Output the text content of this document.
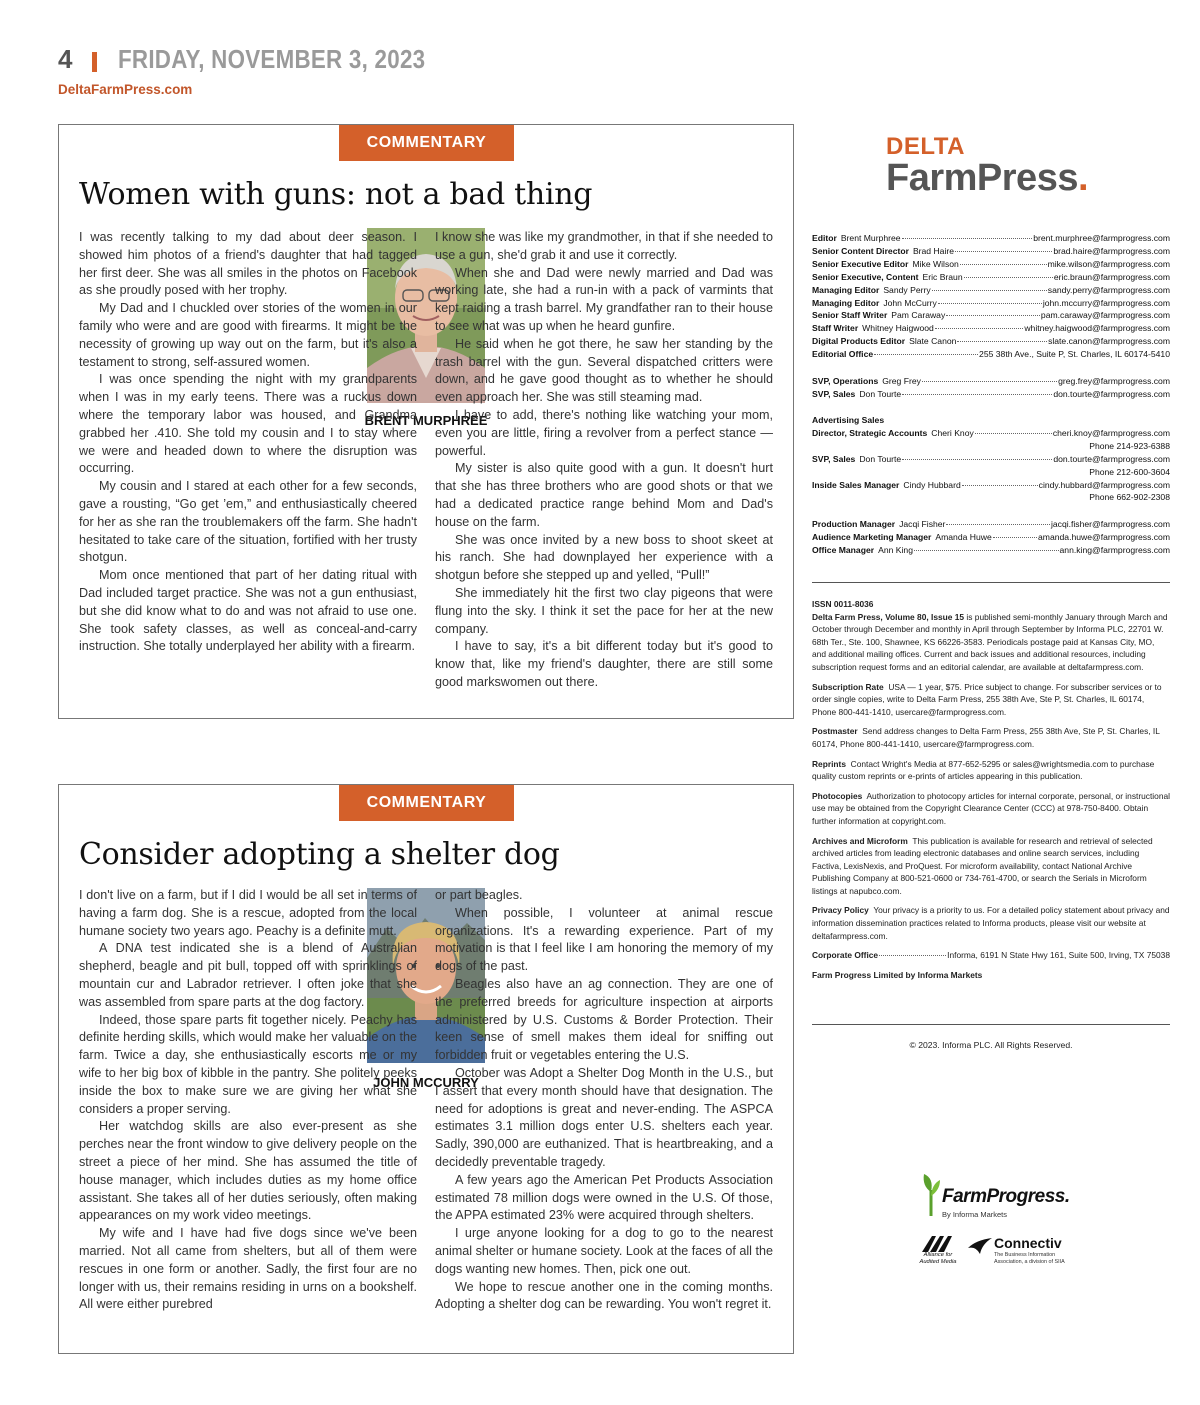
4 FRIDAY, NOVEMBER 3, 2023
DeltaFarmPress.com
COMMENTARY
Women with guns: not a bad thing
BRENT MURPHREE

I was recently talking to my dad about deer season. I showed him photos of a friend's daughter that had tagged her first deer. She was all smiles in the photos on Facebook as she proudly posed with her trophy.

My Dad and I chuckled over stories of the women in our family who were and are good with firearms. It might be the necessity of growing up way out on the farm, but it's also a testament to strong, self-assured women.

I was once spending the night with my grandparents when I was in my early teens. There was a ruckus down where the temporary labor was housed, and Grandma grabbed her .410. She told my cousin and I to stay where we were and headed down to where the disruption was occurring.

My cousin and I stared at each other for a few seconds, gave a rousting, “Go get ’em,” and enthusiastically cheered for her as she ran the troublemakers off the farm. She hadn't hesitated to take care of the situation, fortified with her trusty shotgun.

Mom once mentioned that part of her dating ritual with Dad included target practice. She was not a gun enthusiast, but she did know what to do and was not afraid to use one. She took safety classes, as well as conceal-and-carry instruction. She totally underplayed her ability with a firearm.

I know she was like my grandmother, in that if she needed to use a gun, she'd grab it and use it correctly.

When she and Dad were newly married and Dad was working late, she had a run-in with a pack of varmints that kept raiding a trash barrel. My grandfather ran to their house to see what was up when he heard gunfire.

He said when he got there, he saw her standing by the trash barrel with the gun. Several dispatched critters were down, and he gave good thought as to whether he should even approach her. She was still steaming mad.

I have to add, there's nothing like watching your mom, even you are little, firing a revolver from a perfect stance — powerful.

My sister is also quite good with a gun. It doesn't hurt that she has three brothers who are good shots or that we had a dedicated practice range behind Mom and Dad's house on the farm.

She was once invited by a new boss to shoot skeet at his ranch. She had downplayed her experience with a shotgun before she stepped up and yelled, “Pull!”

She immediately hit the first two clay pigeons that were flung into the sky. I think it set the pace for her at the new company.

I have to say, it's a bit different today but it's good to know that, like my friend's daughter, there are still some good markswomen out there.

COMMENTARY
Consider adopting a shelter dog
JOHN MCCURRY

I don't live on a farm, but if I did I would be all set in terms of having a farm dog. She is a rescue, adopted from the local humane society two years ago. Peachy is a definite mutt.

A DNA test indicated she is a blend of Australian shepherd, beagle and pit bull, topped off with sprinklings of mountain cur and Labrador retriever. I often joke that she was assembled from spare parts at the dog factory.

Indeed, those spare parts fit together nicely. Peachy has definite herding skills, which would make her valuable on the farm. Twice a day, she enthusiastically escorts me or my wife to her big box of kibble in the pantry. She politely peeks inside the box to make sure we are giving her what she considers a proper serving.

Her watchdog skills are also ever-present as she perches near the front window to give delivery people on the street a piece of her mind. She has assumed the title of house manager, which includes duties as my home office assistant. She takes all of her duties seriously, often making appearances on my work video meetings.

My wife and I have had five dogs since we've been married. Not all came from shelters, but all of them were rescues in one form or another. Sadly, the first four are no longer with us, their remains residing in urns on a bookshelf. All were either purebred

or part beagles.

When possible, I volunteer at animal rescue organizations. It's a rewarding experience. Part of my motivation is that I feel like I am honoring the memory of my dogs of the past.

Beagles also have an ag connection. They are one of the preferred breeds for agriculture inspection at airports administered by U.S. Customs & Border Protection. Their keen sense of smell makes them ideal for sniffing out forbidden fruit or vegetables entering the U.S.

October was Adopt a Shelter Dog Month in the U.S., but I assert that every month should have that designation. The need for adoptions is great and never-ending. The ASPCA estimates 3.1 million dogs enter U.S. shelters each year. Sadly, 390,000 are euthanized. That is heartbreaking, and a decidedly preventable tragedy.

A few years ago the American Pet Products Association estimated 78 million dogs were owned in the U.S. Of those, the APPA estimated 23% were acquired through shelters.

I urge anyone looking for a dog to go to the nearest animal shelter or humane society. Look at the faces of all the dogs wanting new homes. Then, pick one out.

We hope to rescue another one in the coming months. Adopting a shelter dog can be rewarding. You won't regret it.

DELTA
FarmPress.
Editor Brent Murphree	brent.murphree@farmprogress.com
Senior Content Director Brad Haire	brad.haire@farmprogress.com
Senior Executive Editor Mike Wilson	mike.wilson@farmprogress.com
Senior Executive, Content Eric Braun	eric.braun@farmprogress.com
Managing Editor Sandy Perry	sandy.perry@farmprogress.com
Managing Editor John McCurry	john.mccurry@farmprogress.com
Senior Staff Writer Pam Caraway	pam.caraway@farmprogress.com
Staff Writer Whitney Haigwood	whitney.haigwood@farmprogress.com
Digital Products Editor Slate Canon	slate.canon@farmprogress.com
Editorial Office	255 38th Ave., Suite P, St. Charles, IL 60174-5410
SVP, Operations Greg Frey	greg.frey@farmprogress.com
SVP, Sales Don Tourte	don.tourte@farmprogress.com
Advertising Sales
Director, Strategic Accounts Cheri Knoy	cheri.knoy@farmprogress.com
Phone 214-923-6388
SVP, Sales Don Tourte	don.tourte@farmprogress.com
Phone 212-600-3604
Inside Sales Manager Cindy Hubbard	cindy.hubbard@farmprogress.com
Phone 662-902-2308
Production Manager Jacqi Fisher	jacqi.fisher@farmprogress.com
Audience Marketing Manager Amanda Huwe	amanda.huwe@farmprogress.com
Office Manager Ann King	ann.king@farmprogress.com

ISSN 0011-8036
Delta Farm Press, Volume 80, Issue 15 is published semi-monthly January through March and October through December and monthly in April through September by Informa PLC, 22701 W. 68th Ter., Ste. 100, Shawnee, KS 66226-3583. Periodicals postage paid at Kansas City, MO, and additional mailing offices. Current and back issues and additional resources, including subscription request forms and an editorial calendar, are available at deltafarmpress.com.

Subscription Rate USA — 1 year, $75. Price subject to change. For subscriber services or to order single copies, write to Delta Farm Press, 255 38th Ave, Ste P, St. Charles, IL 60174, Phone 800-441-1410, usercare@farmprogress.com.

Postmaster Send address changes to Delta Farm Press, 255 38th Ave, Ste P, St. Charles, IL 60174, Phone 800-441-1410, usercare@farmprogress.com.

Reprints Contact Wright's Media at 877-652-5295 or sales@wrightsmedia.com to purchase quality custom reprints or e-prints of articles appearing in this publication.

Photocopies Authorization to photocopy articles for internal corporate, personal, or instructional use may be obtained from the Copyright Clearance Center (CCC) at 978-750-8400. Obtain further information at copyright.com.

Archives and Microform This publication is available for research and retrieval of selected archived articles from leading electronic databases and online search services, including Factiva, LexisNexis, and ProQuest. For microform availability, contact National Archive Publishing Company at 800-521-0600 or 734-761-4700, or search the Serials in Microform listings at napubco.com.

Privacy Policy Your privacy is a priority to us. For a detailed policy statement about privacy and information dissemination practices related to Informa products, please visit our website at deltafarmpress.com.

Corporate Office	Informa, 6191 N State Hwy 161, Suite 500, Irving, TX 75038

Farm Progress Limited by Informa Markets

© 2023. Informa PLC. All Rights Reserved.
FarmProgress.
By Informa Markets
Alliance for Audited Media
Connectiv
The Business Information Association, a division of SIIA
